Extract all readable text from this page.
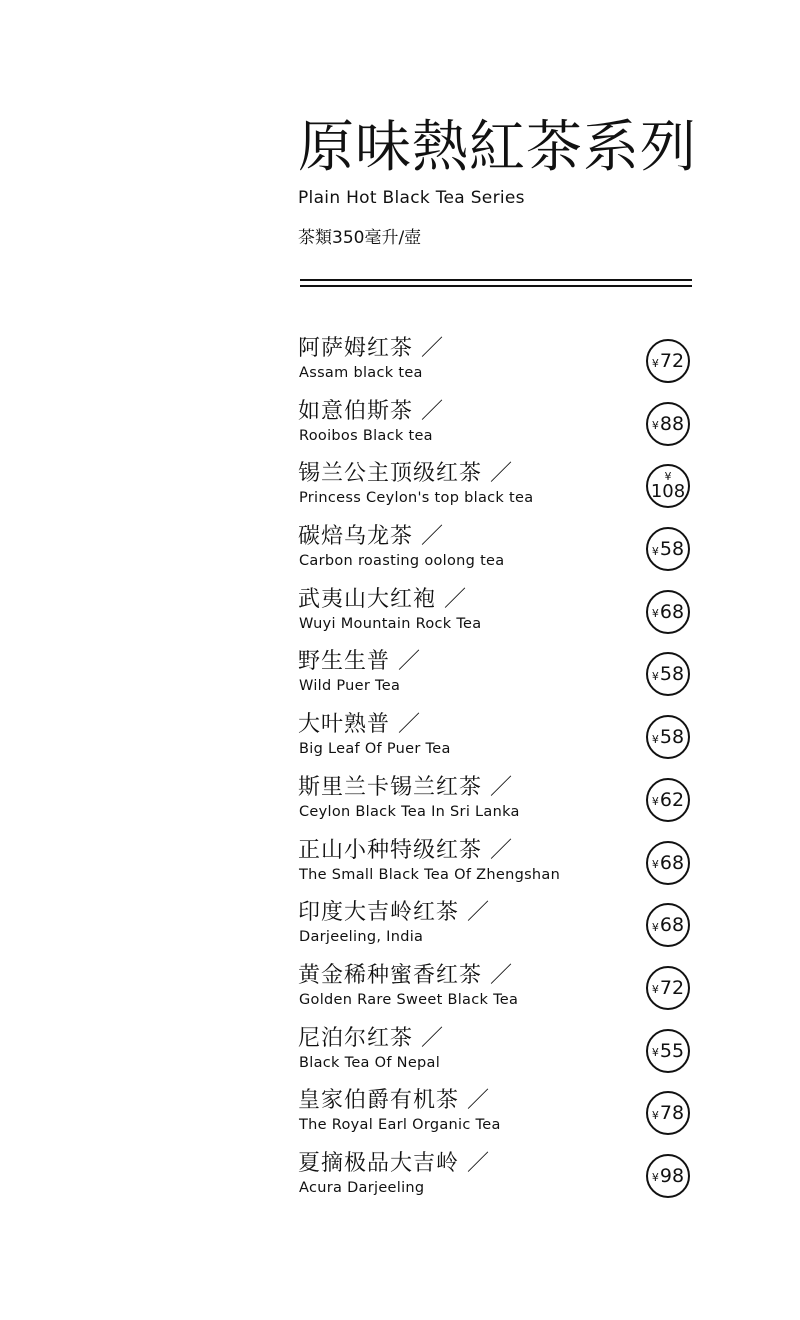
原味熱紅茶系列
Plain Hot Black Tea Series
茶類350毫升/壺
阿萨姆红茶 ／
Assam black tea
¥ 72
如意伯斯茶 ／
Rooibos Black tea
¥ 88
锡兰公主顶级红茶 ／
Princess Ceylon's top black tea
¥
108
碳焙乌龙茶 ／
Carbon roasting oolong tea
¥ 58
武夷山大红袍 ／
Wuyi Mountain Rock Tea
¥ 68
野生生普 ／
Wild Puer Tea
¥ 58
大叶熟普 ／
Big Leaf Of Puer Tea
¥ 58
斯里兰卡锡兰红茶 ／
Ceylon Black Tea In Sri Lanka
¥ 62
正山小种特级红茶 ／
The Small Black Tea Of Zhengshan
¥ 68
印度大吉岭红茶 ／
Darjeeling, India
¥ 68
黄金稀种蜜香红茶 ／
Golden Rare Sweet Black Tea
¥ 72
尼泊尔红茶 ／
Black Tea Of Nepal
¥ 55
皇家伯爵有机茶 ／
The Royal Earl Organic Tea
¥ 78
夏摘极品大吉岭 ／
Acura Darjeeling
¥ 98
